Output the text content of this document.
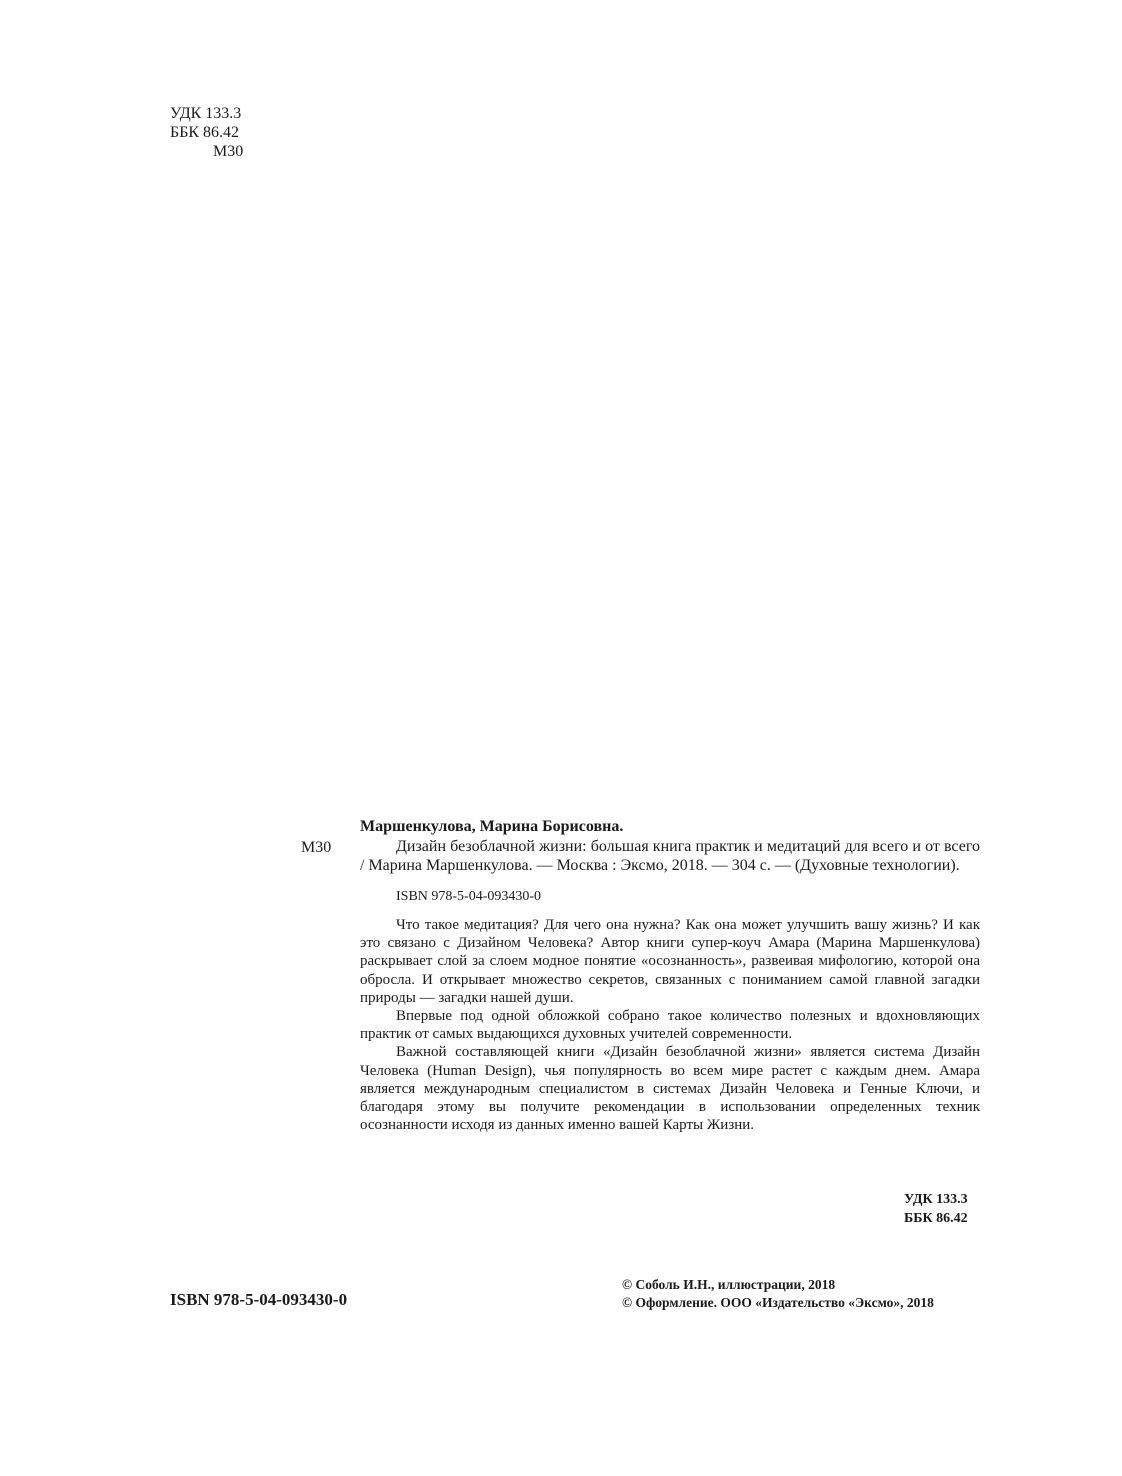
УДК 133.3
ББК 86.42
М30
М30

Маршенкулова, Марина Борисовна.

Дизайн безоблачной жизни: большая книга практик и медитаций для всего и от всего / Марина Маршенкулова. — Москва : Эксмо, 2018. — 304 с. — (Духовные технологии).

ISBN 978-5-04-093430-0

Что такое медитация? Для чего она нужна? Как она может улучшить вашу жизнь? И как это связано с Дизайном Человека? Автор книги супер-коуч Амара (Марина Маршенкулова) раскрывает слой за слоем модное понятие «осознанность», развеивая мифологию, которой она обросла. И открывает множество секретов, связанных с пониманием самой главной загадки природы — загадки нашей души.

Впервые под одной обложкой собрано такое количество полезных и вдохновляющих практик от самых выдающихся духовных учителей современности.

Важной составляющей книги «Дизайн безоблачной жизни» является система Дизайн Человека (Human Design), чья популярность во всем мире растет с каждым днем. Амара является международным специалистом в системах Дизайн Человека и Генные Ключи, и благодаря этому вы получите рекомендации в использовании определенных техник осознанности исходя из данных именно вашей Карты Жизни.

УДК 133.3
ББК 86.42
ISBN 978-5-04-093430-0
© Соболь И.Н., иллюстрации, 2018
© Оформление. ООО «Издательство «Эксмо», 2018
